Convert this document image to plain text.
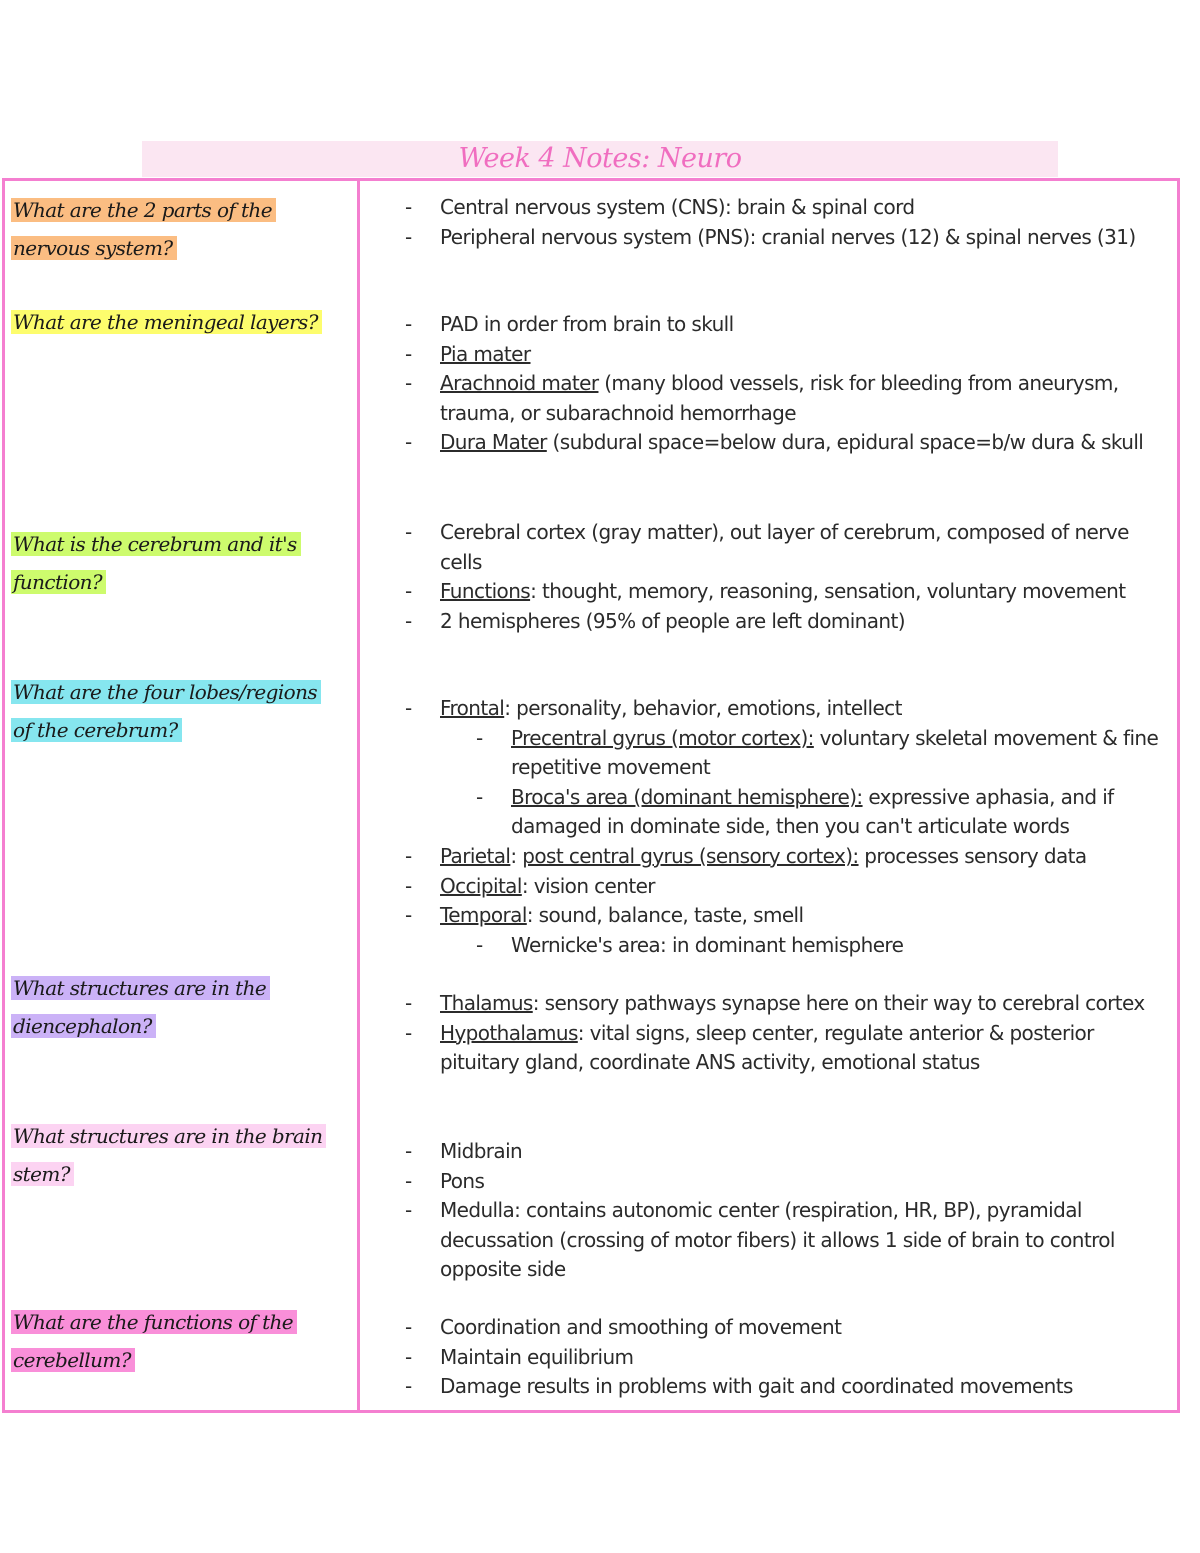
Week 4 Notes: Neuro
What are the 2 parts of the
nervous system?
- Central nervous system (CNS): brain & spinal cord
- Peripheral nervous system (PNS): cranial nerves (12) & spinal nerves (31)
What are the meningeal layers?
-	PAD in order from brain to skull
- Pia mater
- Arachnoid mater (many blood vessels, risk for bleeding from aneurysm, trauma, or subarachnoid hemorrhage
- Dura Mater (subdural space=below dura, epidural space=b/w dura & skull
What is the cerebrum and it's
function?
- Cerebral cortex (gray matter), out layer of cerebrum, composed of nerve cells
- Functions: thought, memory, reasoning, sensation, voluntary movement
- 2 hemispheres (95% of people are left dominant)
What are the four lobes/regions
of the cerebrum?
- Frontal: personality, behavior, emotions, intellect
- Precentral gyrus (motor cortex): voluntary skeletal movement & fine repetitive movement
- Broca's area (dominant hemisphere): expressive aphasia, and if damaged in dominate side, then you can't articulate words
- Parietal: post central gyrus (sensory cortex): processes sensory data
- Occipital: vision center
- Temporal: sound, balance, taste, smell
- Wernicke's area: in dominant hemisphere
What structures are in the
diencephalon?
- Thalamus: sensory pathways synapse here on their way to cerebral cortex
- Hypothalamus: vital signs, sleep center, regulate anterior & posterior pituitary gland, coordinate ANS activity, emotional status
What structures are in the brain
stem?
- Midbrain
- Pons
- Medulla: contains autonomic center (respiration, HR, BP), pyramidal decussation (crossing of motor fibers) it allows 1 side of brain to control opposite side
What are the functions of the
cerebellum?
- Coordination and smoothing of movement
- Maintain equilibrium
- Damage results in problems with gait and coordinated movements
